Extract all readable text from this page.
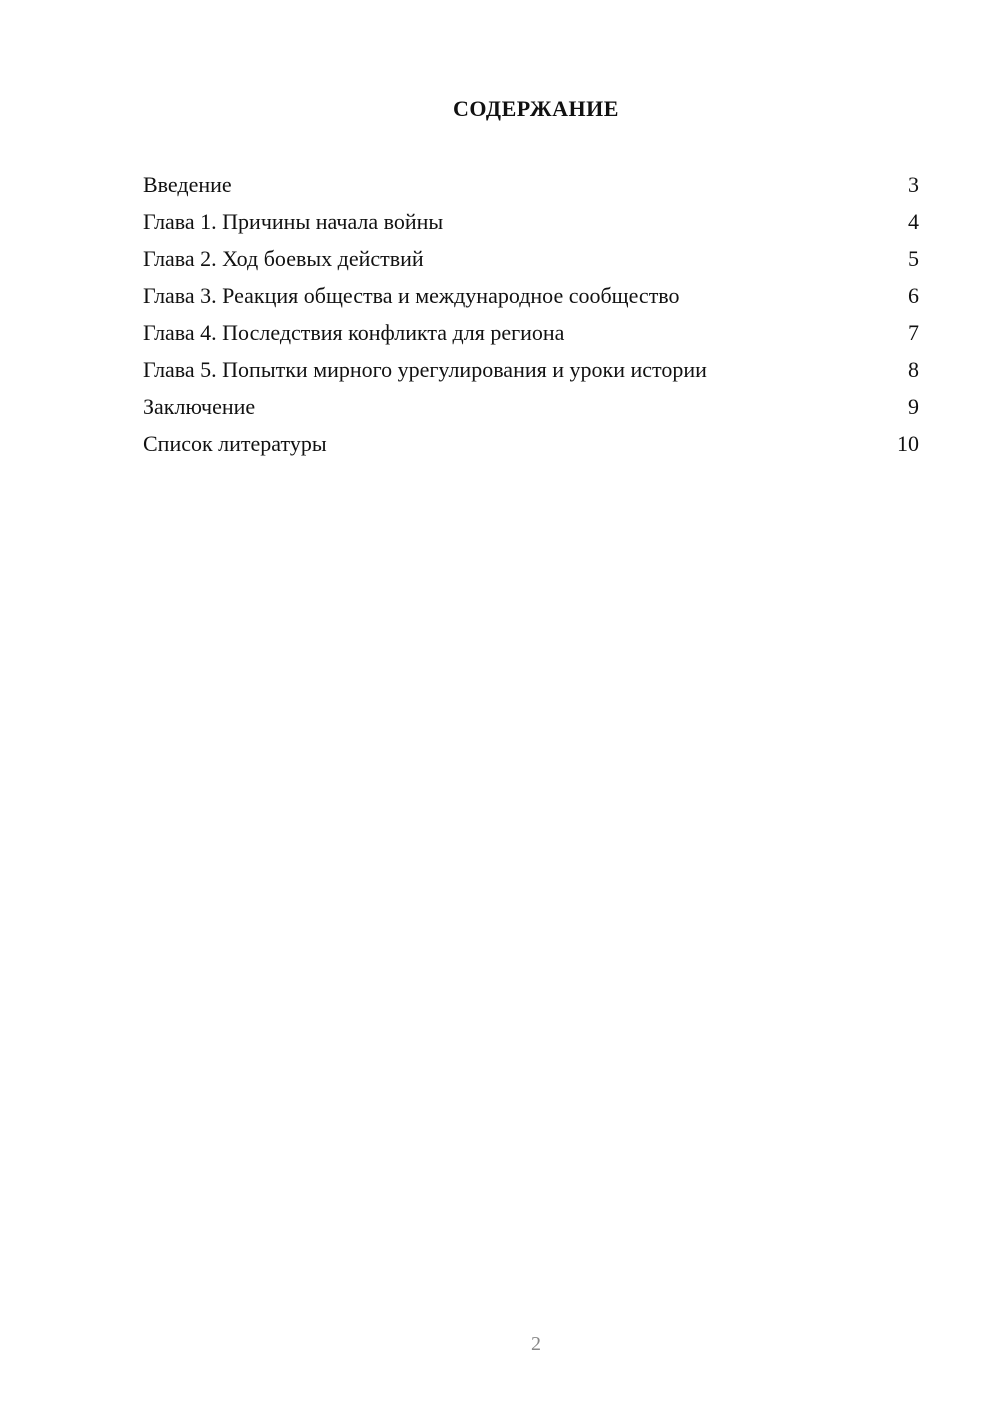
СОДЕРЖАНИЕ
Введение	3
Глава 1. Причины начала войны	4
Глава 2. Ход боевых действий	5
Глава 3. Реакция общества и международное сообщество	6
Глава 4. Последствия конфликта для региона	7
Глава 5. Попытки мирного урегулирования и уроки истории	8
Заключение	9
Список литературы	10
2
